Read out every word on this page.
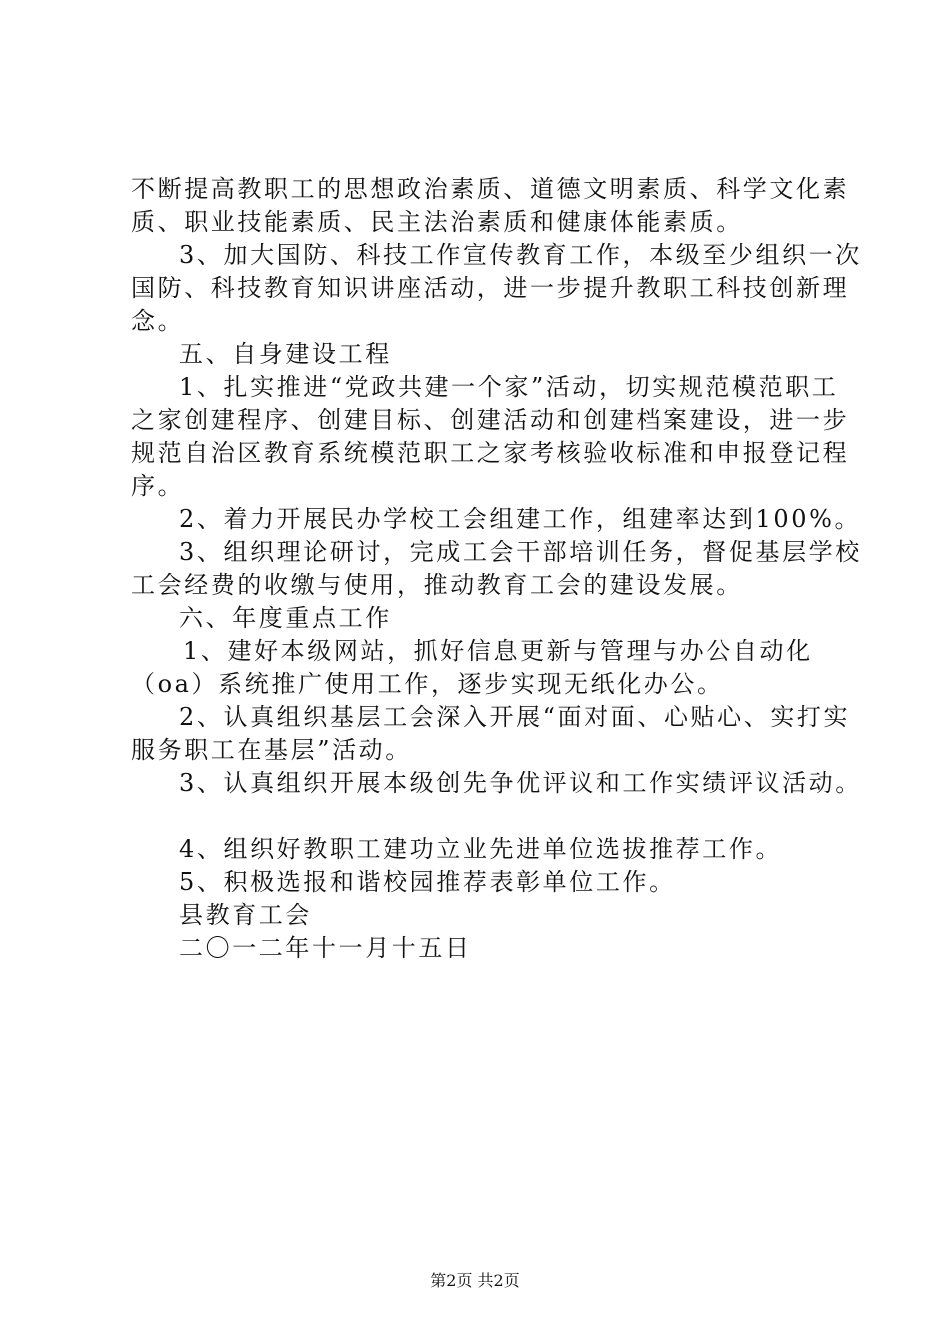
不断提高教职工的思想政治素质、道德文明素质、科学文化素
质、职业技能素质、民主法治素质和健康体能素质。
3、加大国防、科技工作宣传教育工作，本级至少组织一次
国防、科技教育知识讲座活动，进一步提升教职工科技创新理
念。
五、自身建设工程
1、扎实推进“党政共建一个家”活动，切实规范模范职工
之家创建程序、创建目标、创建活动和创建档案建设，进一步
规范自治区教育系统模范职工之家考核验收标准和申报登记程
序。
2、着力开展民办学校工会组建工作，组建率达到100%。
3、组织理论研讨，完成工会干部培训任务，督促基层学校
工会经费的收缴与使用，推动教育工会的建设发展。
六、年度重点工作
1、建好本级网站，抓好信息更新与管理与办公自动化
（oa）系统推广使用工作，逐步实现无纸化办公。
2、认真组织基层工会深入开展“面对面、心贴心、实打实
服务职工在基层”活动。
3、认真组织开展本级创先争优评议和工作实绩评议活动。
4、组织好教职工建功立业先进单位选拔推荐工作。
5、积极选报和谐校园推荐表彰单位工作。
县教育工会
二〇一二年十一月十五日
第2页 共2页
